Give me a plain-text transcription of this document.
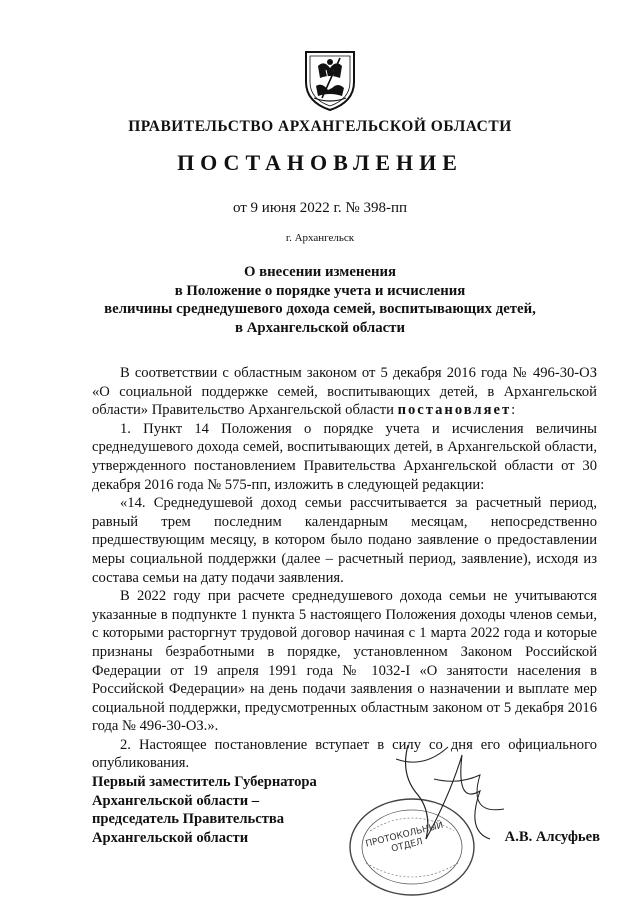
ПРАВИТЕЛЬСТВО АРХАНГЕЛЬСКОЙ ОБЛАСТИ
ПОСТАНОВЛЕНИЕ
от 9 июня 2022 г. № 398-пп
г. Архангельск
О внесении изменения
в Положение о порядке учета и исчисления
величины среднедушевого дохода семей, воспитывающих детей,
в Архангельской области

В соответствии с областным законом от 5 декабря 2016 года № 496-30-ОЗ «О социальной поддержке семей, воспитывающих детей, в Архангельской области» Правительство Архангельской области постановляет:

1. Пункт 14 Положения о порядке учета и исчисления величины среднедушевого дохода семей, воспитывающих детей, в Архангельской области, утвержденного постановлением Правительства Архангельской области от 30 декабря 2016 года № 575-пп, изложить в следующей редакции:

«14. Среднедушевой доход семьи рассчитывается за расчетный период, равный трем последним календарным месяцам, непосредственно предшествующим месяцу, в котором было подано заявление о предоставлении меры социальной поддержки (далее – расчетный период, заявление), исходя из состава семьи на дату подачи заявления.

В 2022 году при расчете среднедушевого дохода семьи не учитываются указанные в подпункте 1 пункта 5 настоящего Положения доходы членов семьи, с которыми расторгнут трудовой договор начиная с 1 марта 2022 года и которые признаны безработными в порядке, установленном Законом Российской Федерации от 19 апреля 1991 года № 1032-I «О занятости населения в Российской Федерации» на день подачи заявления о назначении и выплате мер социальной поддержки, предусмотренных областным законом от 5 декабря 2016 года № 496-30-ОЗ.».

2. Настоящее постановление вступает в силу со дня его официального опубликования.

Первый заместитель Губернатора
Архангельской области –
председатель Правительства
Архангельской области	ПРОТОКОЛЬНЫЙ ОТДЕЛ
А.В. Алсуфьев
